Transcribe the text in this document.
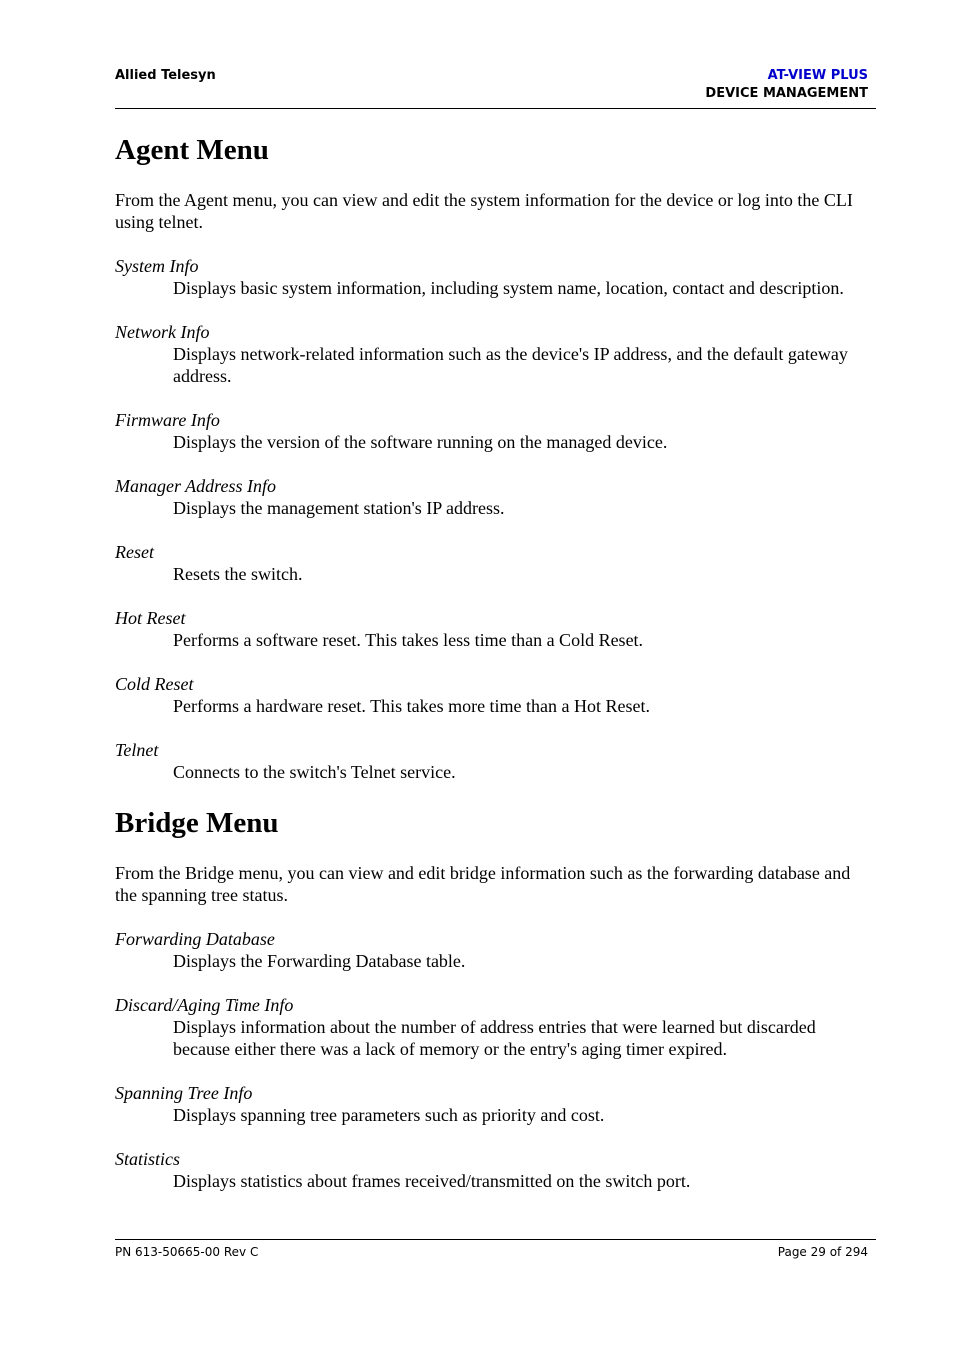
Allied Telesyn	AT-VIEW PLUS
DEVICE MANAGEMENT
Agent Menu

From the Agent menu, you can view and edit the system information for the device or log into the CLI using telnet.

System Info
Displays basic system information, including system name, location, contact and description.
Network Info
Displays network-related information such as the device's IP address, and the default gateway address.
Firmware Info
Displays the version of the software running on the managed device.
Manager Address Info
Displays the management station's IP address.
Reset
Resets the switch.
Hot Reset
Performs a software reset. This takes less time than a Cold Reset.
Cold Reset
Performs a hardware reset. This takes more time than a Hot Reset.
Telnet
Connects to the switch's Telnet service.
Bridge Menu

From the Bridge menu, you can view and edit bridge information such as the forwarding database and the spanning tree status.

Forwarding Database
Displays the Forwarding Database table.
Discard/Aging Time Info
Displays information about the number of address entries that were learned but discarded because either there was a lack of memory or the entry's aging timer expired.
Spanning Tree Info
Displays spanning tree parameters such as priority and cost.
Statistics
Displays statistics about frames received/transmitted on the switch port.
PN 613-50665-00 Rev C	Page 29 of 294
